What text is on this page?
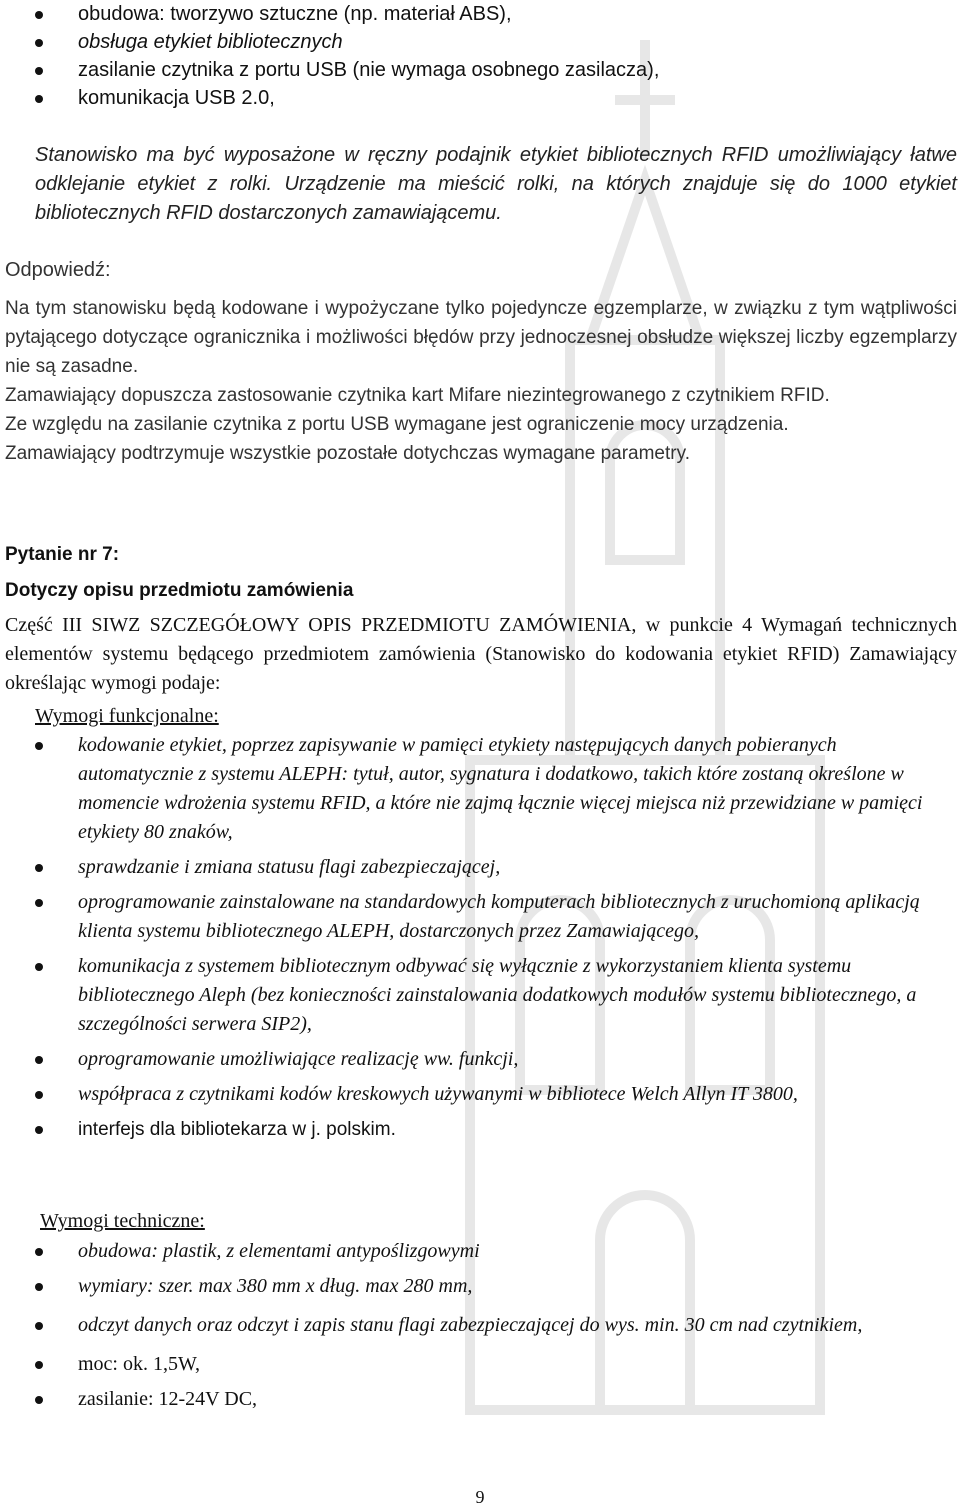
obudowa: tworzywo sztuczne (np. materiał ABS),
obsługa etykiet bibliotecznych
zasilanie czytnika z portu USB (nie wymaga osobnego zasilacza),
komunikacja USB 2.0,

Stanowisko ma być wyposażone w ręczny podajnik etykiet bibliotecznych RFID umożliwiający łatwe odklejanie etykiet z rolki. Urządzenie ma mieścić rolki, na których znajduje się do 1000 etykiet bibliotecznych RFID dostarczonych zamawiającemu.

Odpowiedź:

Na tym stanowisku będą kodowane i wypożyczane tylko pojedyncze egzemplarze, w związku z tym wątpliwości pytającego dotyczące ogranicznika i możliwości błędów przy jednoczesnej obsłudze większej liczby egzemplarzy nie są zasadne.

Zamawiający dopuszcza zastosowanie czytnika kart Mifare niezintegrowanego z czytnikiem RFID.

Ze względu na zasilanie czytnika z portu USB wymagane jest ograniczenie mocy urządzenia.

Zamawiający podtrzymuje wszystkie pozostałe dotychczas wymagane parametry.

Pytanie nr 7:

Dotyczy opisu przedmiotu zamówienia

Część III SIWZ SZCZEGÓŁOWY OPIS PRZEDMIOTU ZAMÓWIENIA, w punkcie 4 Wymagań technicznych elementów systemu będącego przedmiotem zamówienia (Stanowisko do kodowania etykiet RFID) Zamawiający określając wymogi podaje:

Wymogi funkcjonalne:
kodowanie etykiet, poprzez zapisywanie w pamięci etykiety następujących danych pobieranych automatycznie z systemu ALEPH: tytuł, autor, sygnatura i dodatkowo, takich które zostaną określone w momencie wdrożenia systemu RFID, a które nie zajmą łącznie więcej miejsca niż przewidziane w pamięci etykiety 80 znaków,
sprawdzanie i zmiana statusu flagi zabezpieczającej,
oprogramowanie zainstalowane na standardowych komputerach bibliotecznych z uruchomioną aplikacją klienta systemu bibliotecznego ALEPH, dostarczonych przez Zamawiającego,
komunikacja z systemem bibliotecznym odbywać się wyłącznie z wykorzystaniem klienta systemu bibliotecznego Aleph (bez konieczności zainstalowania dodatkowych modułów systemu bibliotecznego, a szczególności serwera SIP2),
oprogramowanie umożliwiające realizację ww. funkcji,
współpraca z czytnikami kodów kreskowych używanymi w bibliotece Welch Allyn IT 3800,
interfejs dla bibliotekarza w j. polskim.
Wymogi techniczne:
obudowa: plastik, z elementami antypoślizgowymi
wymiary: szer. max 380 mm x dług. max 280 mm,
odczyt danych oraz odczyt i zapis stanu flagi zabezpieczającej do wys. min. 30 cm nad czytnikiem,
moc: ok. 1,5W,
zasilanie: 12-24V DC,
9
